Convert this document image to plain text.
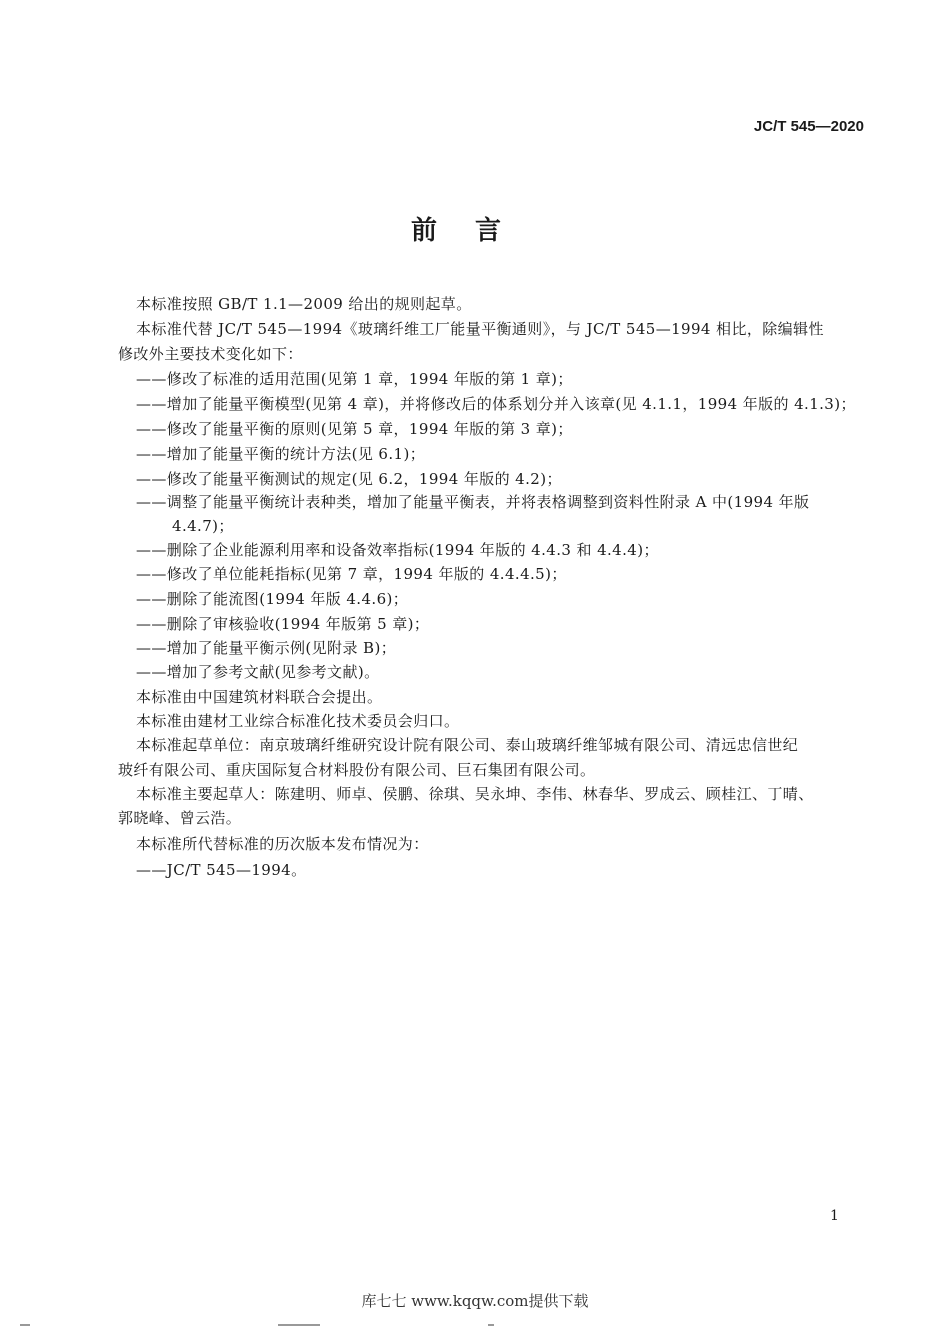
JC/T 545—2020
前言
本标准按照 GB/T 1.1—2009 给出的规则起草。
本标准代替 JC/T 545—1994《玻璃纤维工厂能量平衡通则》，与 JC/T 545—1994 相比，除编辑性
修改外主要技术变化如下：
——修改了标准的适用范围(见第 1 章，1994 年版的第 1 章)；
——增加了能量平衡模型(见第 4 章)，并将修改后的体系划分并入该章(见 4.1.1，1994 年版的 4.1.3)；
——修改了能量平衡的原则(见第 5 章，1994 年版的第 3 章)；
——增加了能量平衡的统计方法(见 6.1)；
——修改了能量平衡测试的规定(见 6.2，1994 年版的 4.2)；
——调整了能量平衡统计表种类，增加了能量平衡表，并将表格调整到资料性附录 A 中(1994 年版
4.4.7)；
——删除了企业能源利用率和设备效率指标(1994 年版的 4.4.3 和 4.4.4)；
——修改了单位能耗指标(见第 7 章，1994 年版的 4.4.4.5)；
——删除了能流图(1994 年版 4.4.6)；
——删除了审核验收(1994 年版第 5 章)；
——增加了能量平衡示例(见附录 B)；
——增加了参考文献(见参考文献)。
本标准由中国建筑材料联合会提出。
本标准由建材工业综合标准化技术委员会归口。
本标准起草单位：南京玻璃纤维研究设计院有限公司、泰山玻璃纤维邹城有限公司、清远忠信世纪
玻纤有限公司、重庆国际复合材料股份有限公司、巨石集团有限公司。
本标准主要起草人：陈建明、师卓、侯鹏、徐琪、吴永坤、李伟、林春华、罗成云、顾桂江、丁晴、
郭晓峰、曾云浩。
本标准所代替标准的历次版本发布情况为：
——JC/T 545—1994。
1
库七七 www.kqqw.com提供下载
